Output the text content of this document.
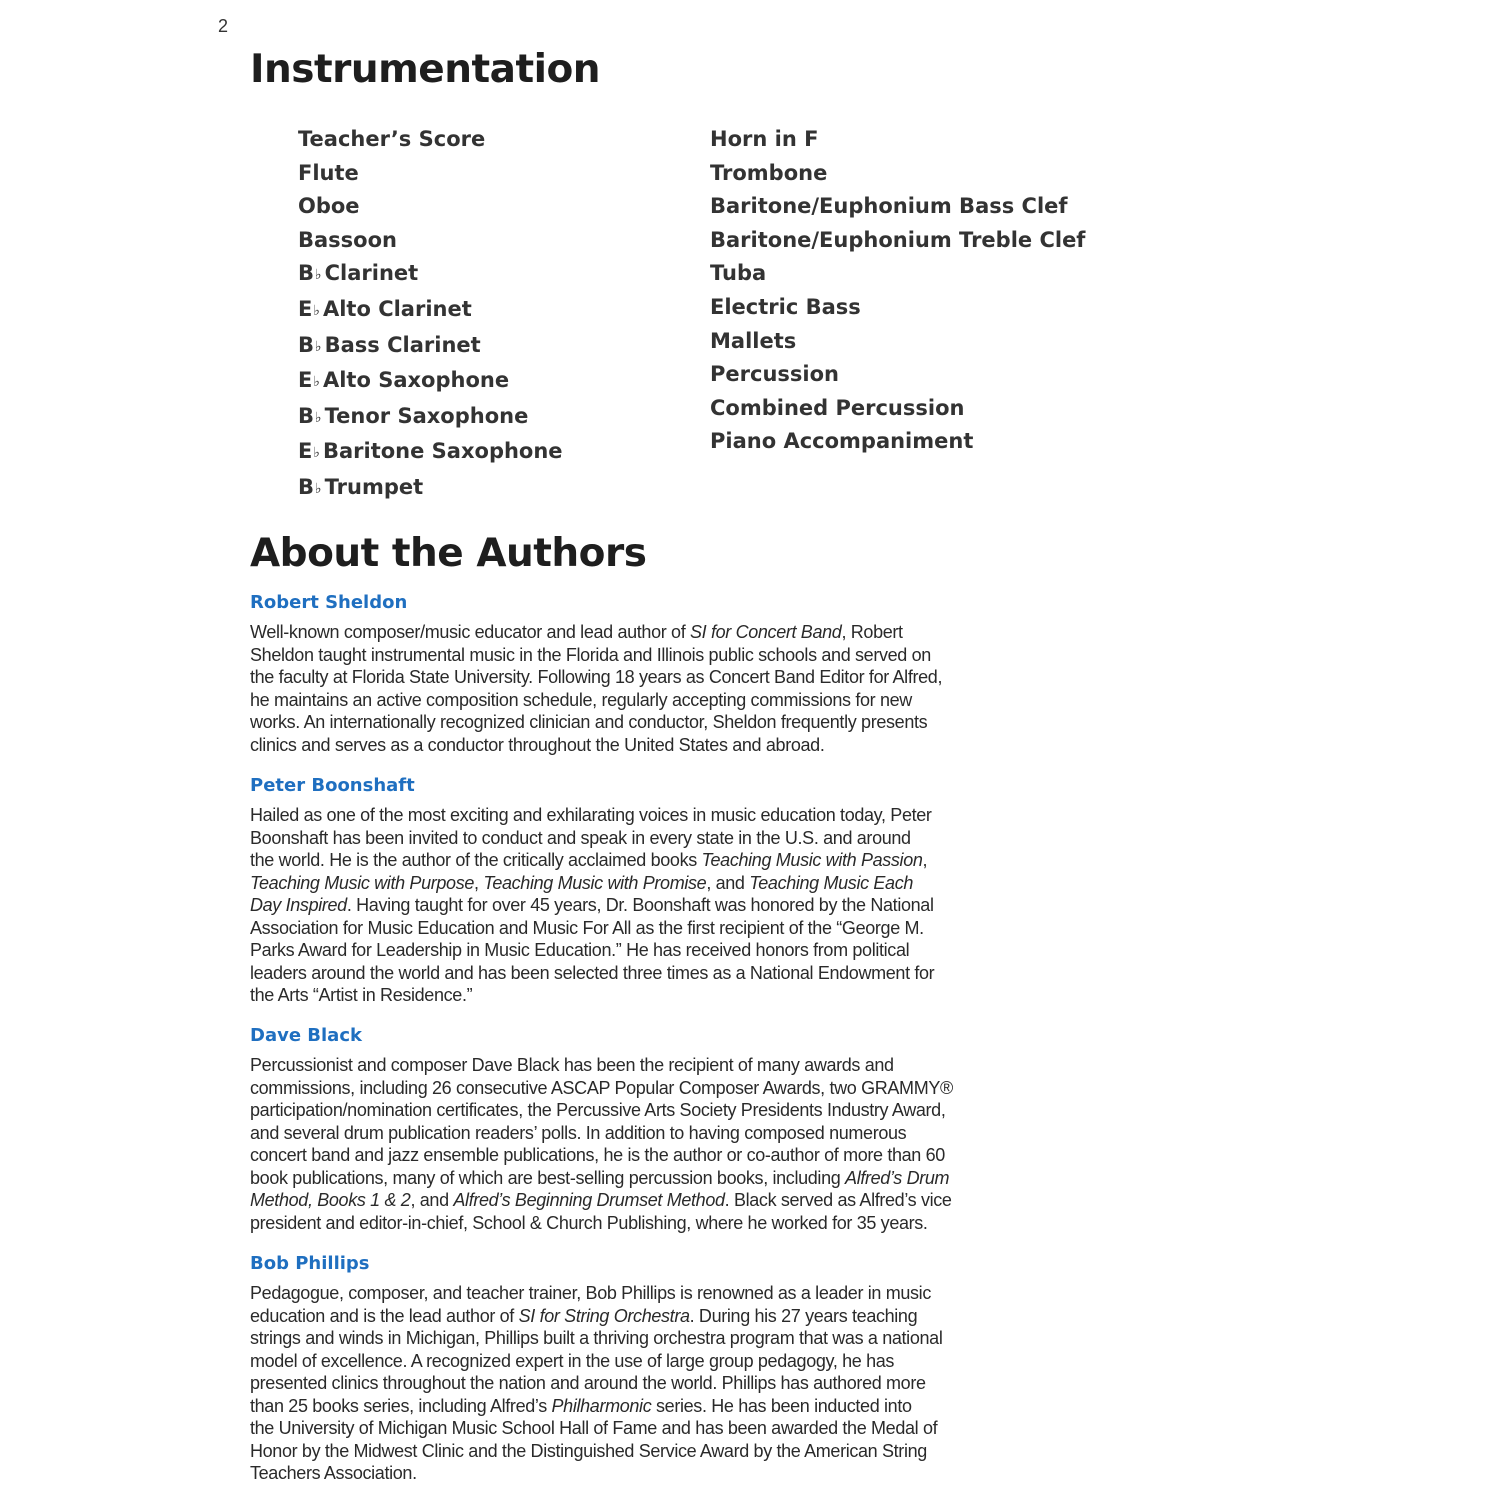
2
Instrumentation
Teacher’s Score
Flute
Oboe
Bassoon
B♭ Clarinet
E♭ Alto Clarinet
B♭ Bass Clarinet
E♭ Alto Saxophone
B♭ Tenor Saxophone
E♭ Baritone Saxophone
B♭ Trumpet
Horn in F
Trombone
Baritone/Euphonium Bass Clef
Baritone/Euphonium Treble Clef
Tuba
Electric Bass
Mallets
Percussion
Combined Percussion
Piano Accompaniment
About the Authors
Robert Sheldon

Well-known composer/music educator and lead author of SI for Concert Band, Robert
Sheldon taught instrumental music in the Florida and Illinois public schools and served on
the faculty at Florida State University. Following 18 years as Concert Band Editor for Alfred,
he maintains an active composition schedule, regularly accepting commissions for new
works. An internationally recognized clinician and conductor, Sheldon frequently presents
clinics and serves as a conductor throughout the United States and abroad.

Peter Boonshaft

Hailed as one of the most exciting and exhilarating voices in music education today, Peter
Boonshaft has been invited to conduct and speak in every state in the U.S. and around
the world. He is the author of the critically acclaimed books Teaching Music with Passion,
Teaching Music with Purpose, Teaching Music with Promise, and Teaching Music Each
Day Inspired. Having taught for over 45 years, Dr. Boonshaft was honored by the National
Association for Music Education and Music For All as the first recipient of the “George M.
Parks Award for Leadership in Music Education.” He has received honors from political
leaders around the world and has been selected three times as a National Endowment for
the Arts “Artist in Residence.”

Dave Black

Percussionist and composer Dave Black has been the recipient of many awards and
commissions, including 26 consecutive ASCAP Popular Composer Awards, two GRAMMY®
participation/nomination certificates, the Percussive Arts Society Presidents Industry Award,
and several drum publication readers’ polls. In addition to having composed numerous
concert band and jazz ensemble publications, he is the author or co-author of more than 60
book publications, many of which are best-selling percussion books, including Alfred’s Drum
Method, Books 1 & 2, and Alfred’s Beginning Drumset Method. Black served as Alfred’s vice
president and editor-in-chief, School & Church Publishing, where he worked for 35 years.

Bob Phillips

Pedagogue, composer, and teacher trainer, Bob Phillips is renowned as a leader in music
education and is the lead author of SI for String Orchestra. During his 27 years teaching
strings and winds in Michigan, Phillips built a thriving orchestra program that was a national
model of excellence. A recognized expert in the use of large group pedagogy, he has
presented clinics throughout the nation and around the world. Phillips has authored more
than 25 books series, including Alfred’s Philharmonic series. He has been inducted into
the University of Michigan Music School Hall of Fame and has been awarded the Medal of
Honor by the Midwest Clinic and the Distinguished Service Award by the American String
Teachers Association.
